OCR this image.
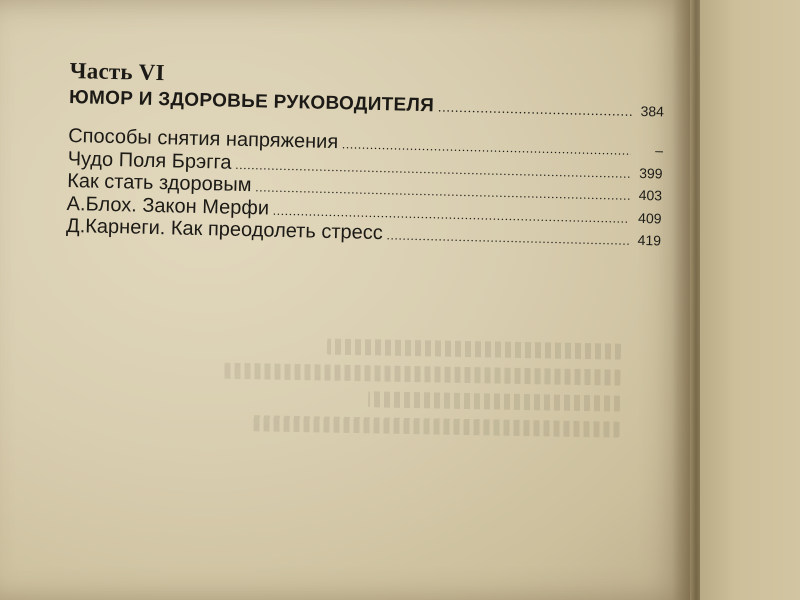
Часть VI
ЮМОР И ЗДОРОВЬЕ РУКОВОДИТЕЛЯ .....	384
Способы снятия напряжения .....	–
Чудо Поля Брэгга .....	399
Как стать здоровым .....	403
А.Блох. Закон Мерфи .....	409
Д.Карнеги. Как преодолеть стресс .....	419
